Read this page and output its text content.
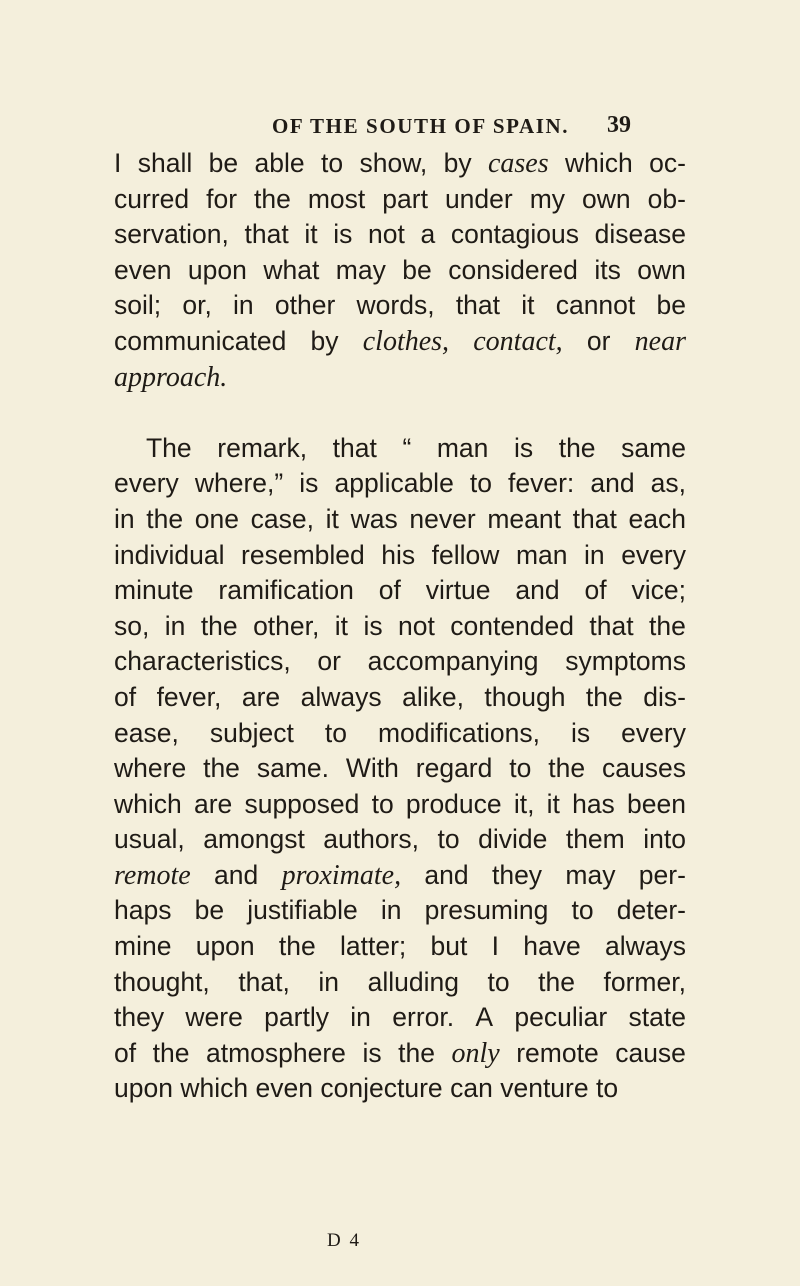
OF THE SOUTH OF SPAIN. 39
I shall be able to show, by cases which oc-
curred for the most part under my own ob-
servation, that it is not a contagious disease
even upon what may be considered its own
soil; or, in other words, that it cannot be
communicated by clothes, contact, or near
approach.
The remark, that “ man is the same
every where,” is applicable to fever: and as,
in the one case, it was never meant that each
individual resembled his fellow man in every
minute ramification of virtue and of vice;
so, in the other, it is not contended that the
characteristics, or accompanying symptoms
of fever, are always alike, though the dis-
ease, subject to modifications, is every
where the same. With regard to the causes
which are supposed to produce it, it has been
usual, amongst authors, to divide them into
remote and proximate, and they may per-
haps be justifiable in presuming to deter-
mine upon the latter; but I have always
thought, that, in alluding to the former,
they were partly in error. A peculiar state
of the atmosphere is the only remote cause
upon which even conjecture can venture to
D 4
